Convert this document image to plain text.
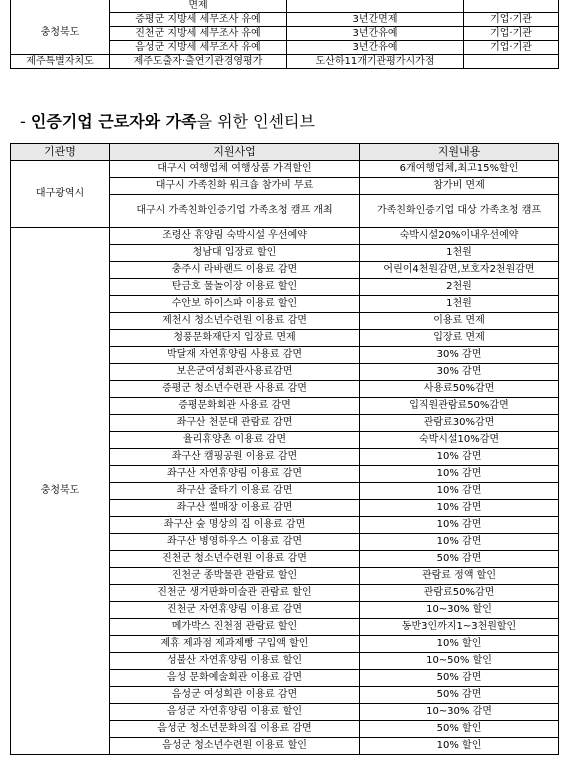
	면제		
충청북도	증평군 지방세 세무조사 유예	3년간면제	기업·기관
	진천군 지방세 세무조사 유예	3년간유예	기업·기관
	음성군 지방세 세무조사 유예	3년간유예	기업·기관
제주특별자치도	제주도출자·출연기관경영평가	도산하11개기관평가시가점	
- 인증기업 근로자와 가족을 위한 인센티브
기관명	지원사업	지원내용
대구광역시	대구시 여행업체 여행상품 가격할인	6개여행업체,최고15%할인
	대구시 가족친화 워크숍 참가비 무료	참가비 면제
	대구시 가족친화인증기업 가족초청 캠프 개최	가족친화인증기업 대상 가족초청 캠프
충청북도	조령산 휴양림 숙박시설 우선예약	숙박시설20%이내우선예약
	청남대 입장료 할인	1천원
	충주시 라바랜드 이용료 감면	어린이4천원감면,보호자2천원감면
	탄금호 물놀이장 이용료 할인	2천원
	수안보 하이스파 이용료 할인	1천원
	제천시 청소년수련원 이용료 감면	이용료 면제
	청풍문화재단지 입장료 면제	입장료 면제
	박달재 자연휴양림 사용료 감면	30% 감면
	보은군여성회관사용료감면	30% 감면
	증평군 청소년수련관 사용료 감면	사용료50%감면
	증평문화회관 사용료 감면	입직원관람료50%감면
	좌구산 천문대 관람료 감면	관람료30%감면
	율리휴양촌 이용료 감면	숙박시설10%감면
	좌구산 캠핑공원 이용료 감면	10% 감면
	좌구산 자연휴양림 이용료 감면	10% 감면
	좌구산 줄타기 이용료 감면	10% 감면
	좌구산 썰매장 이용료 감면	10% 감면
	좌구산 숲 명상의 집 이용료 감면	10% 감면
	좌구산 병영하우스 이용료 감면	10% 감면
	진천군 청소년수련원 이용료 감면	50% 감면
	진천군 종박물관 관람료 할인	관람료 정액 할인
	진천군 생거판화미술관 관람료 할인	관람료50%감면
	진천군 자연휴양림 이용료 감면	10~30% 할인
	메가박스 진천점 관람료 할인	동반3인까지1~3천원할인
	제휴 제과점 제과제빵 구입액 할인	10% 할인
	성불산 자연휴양림 이용료 할인	10~50% 할인
	음성 문화예술회관 이용료 감면	50% 감면
	음성군 여성회관 이용료 감면	50% 감면
	음성군 자연휴양림 이용료 할인	10~30% 감면
	음성군 청소년문화의집 이용료 감면	50% 할인
	음성군 청소년수련원 이용료 할인	10% 할인
